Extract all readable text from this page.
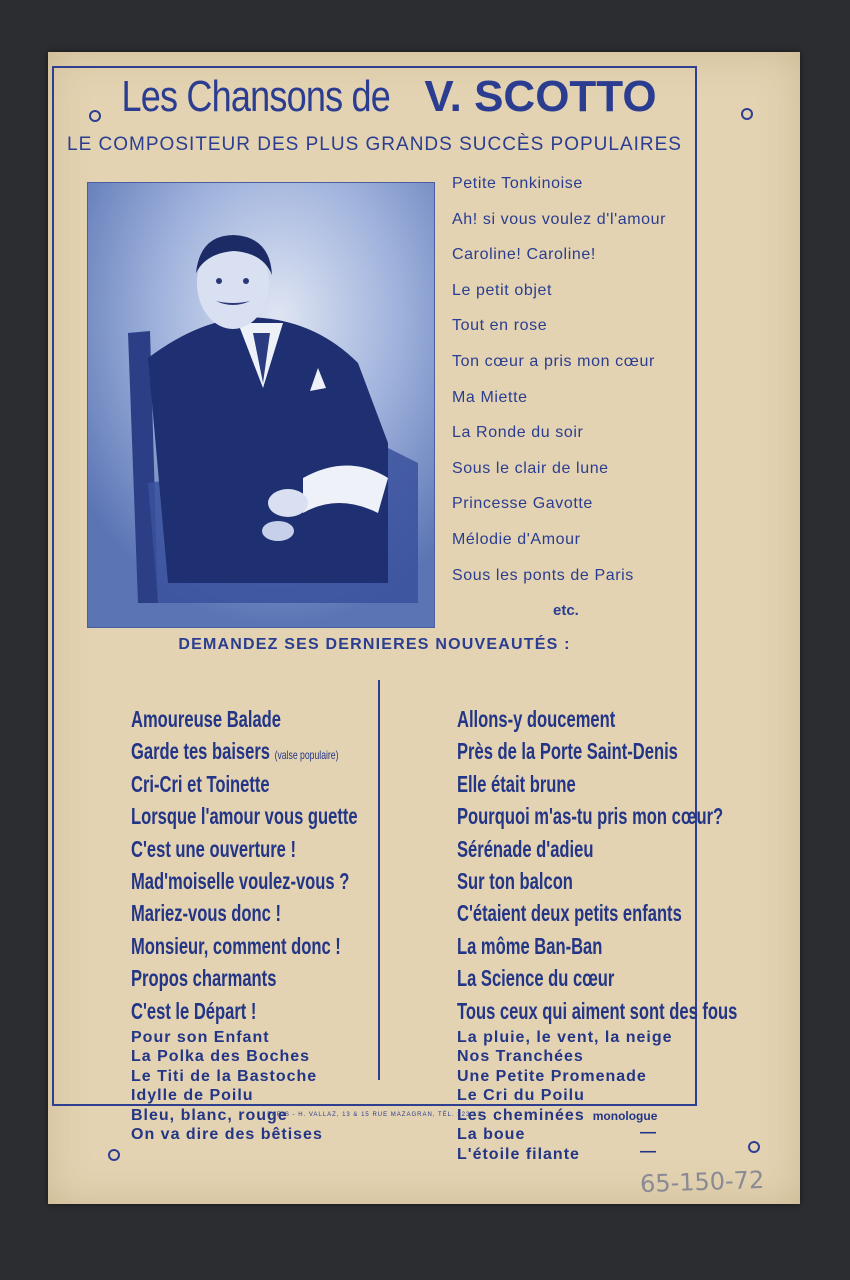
Les Chansons de V. SCOTTO
LE COMPOSITEUR DES PLUS GRANDS SUCCÈS POPULAIRES
Petite Tonkinoise
Ah! si vous voulez d'l'amour
Caroline! Caroline!
Le petit objet
Tout en rose
Ton cœur a pris mon cœur
Ma Miette
La Ronde du soir
Sous le clair de lune
Princesse Gavotte
Mélodie d'Amour
Sous les ponts de Paris
etc.
DEMANDEZ SES DERNIERES NOUVEAUTÉS :
Amoureuse Balade
Garde tes baisers (valse populaire)
Cri-Cri et Toinette
Lorsque l'amour vous guette
C'est une ouverture !
Mad'moiselle voulez-vous ?
Mariez-vous donc !
Monsieur, comment donc !
Propos charmants
C'est le Départ !
Pour son Enfant
La Polka des Boches
Le Titi de la Bastoche
Idylle de Poilu
Bleu, blanc, rouge
On va dire des bêtises
Allons-y doucement
Près de la Porte Saint-Denis
Elle était brune
Pourquoi m'as-tu pris mon cœur?
Sérénade d'adieu
Sur ton balcon
C'étaient deux petits enfants
La môme Ban-Ban
La Science du cœur
Tous ceux qui aiment sont des fous
La pluie, le vent, la neige
Nos Tranchées
Une Petite Promenade
Le Cri du Poilu
Les cheminées monologue
La boue
L'étoile filante
—
—
PARIS - H. VALLAZ, 13 & 15 RUE MAZAGRAN, TÉL. 323.13
65-150-72
